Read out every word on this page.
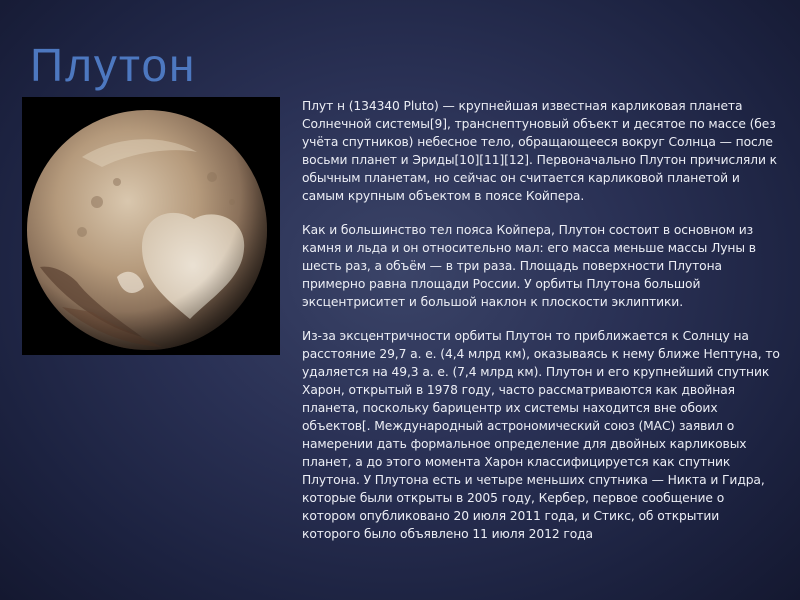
Плутон

Плут н (134340 Pluto) — крупнейшая известная карликовая планета Солнечной системы[9], транснептуновый объект и десятое по массе (без учёта спутников) небесное тело, обращающееся вокруг Солнца — после восьми планет и Эриды[10][11][12]. Первоначально Плутон причисляли к обычным планетам, но сейчас он считается карликовой планетой и самым крупным объектом в поясе Койпера.

Как и большинство тел пояса Койпера, Плутон состоит в основном из камня и льда и он относительно мал: его масса меньше массы Луны в шесть раз, а объём — в три раза. Площадь поверхности Плутона примерно равна площади России. У орбиты Плутона большой эксцентриситет и большой наклон к плоскости эклиптики.

Из-за эксцентричности орбиты Плутон то приближается к Солнцу на расстояние 29,7 а. е. (4,4 млрд км), оказываясь к нему ближе Нептуна, то удаляется на 49,3 а. е. (7,4 млрд км). Плутон и его крупнейший спутник Харон, открытый в 1978 году, часто рассматриваются как двойная планета, поскольку барицентр их системы находится вне обоих объектов[. Международный астрономический союз (МАС) заявил о намерении дать формальное определение для двойных карликовых планет, а до этого момента Харон классифицируется как спутник Плутона. У Плутона есть и четыре меньших спутника — Никта и Гидра, которые были открыты в 2005 году, Кербер, первое сообщение о котором опубликовано 20 июля 2011 года, и Стикс, об открытии которого было объявлено 11 июля 2012 года
